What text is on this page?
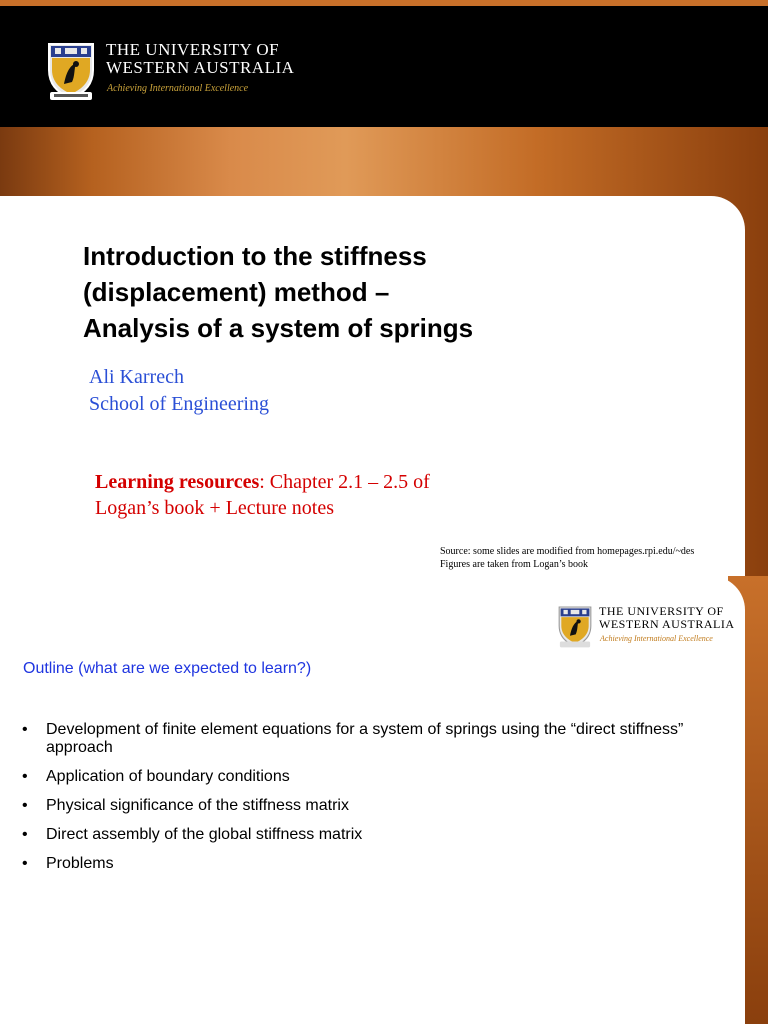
THE UNIVERSITY OF
WESTERN AUSTRALIA
Achieving International Excellence
Introduction to the stiffness
(displacement) method –
Analysis of a system of springs
Ali Karrech
School of Engineering
Learning resources: Chapter 2.1 – 2.5 of
Logan’s book + Lecture notes
Source: some slides are modified from homepages.rpi.edu/~des
Figures are taken from Logan’s book
THE UNIVERSITY OF
WESTERN AUSTRALIA
Achieving International Excellence
Outline (what are we expected to learn?)
• Development of finite element equations for a system of springs using the “direct stiffness” approach
• Application of boundary conditions
• Physical significance of the stiffness matrix
• Direct assembly of the global stiffness matrix
• Problems
